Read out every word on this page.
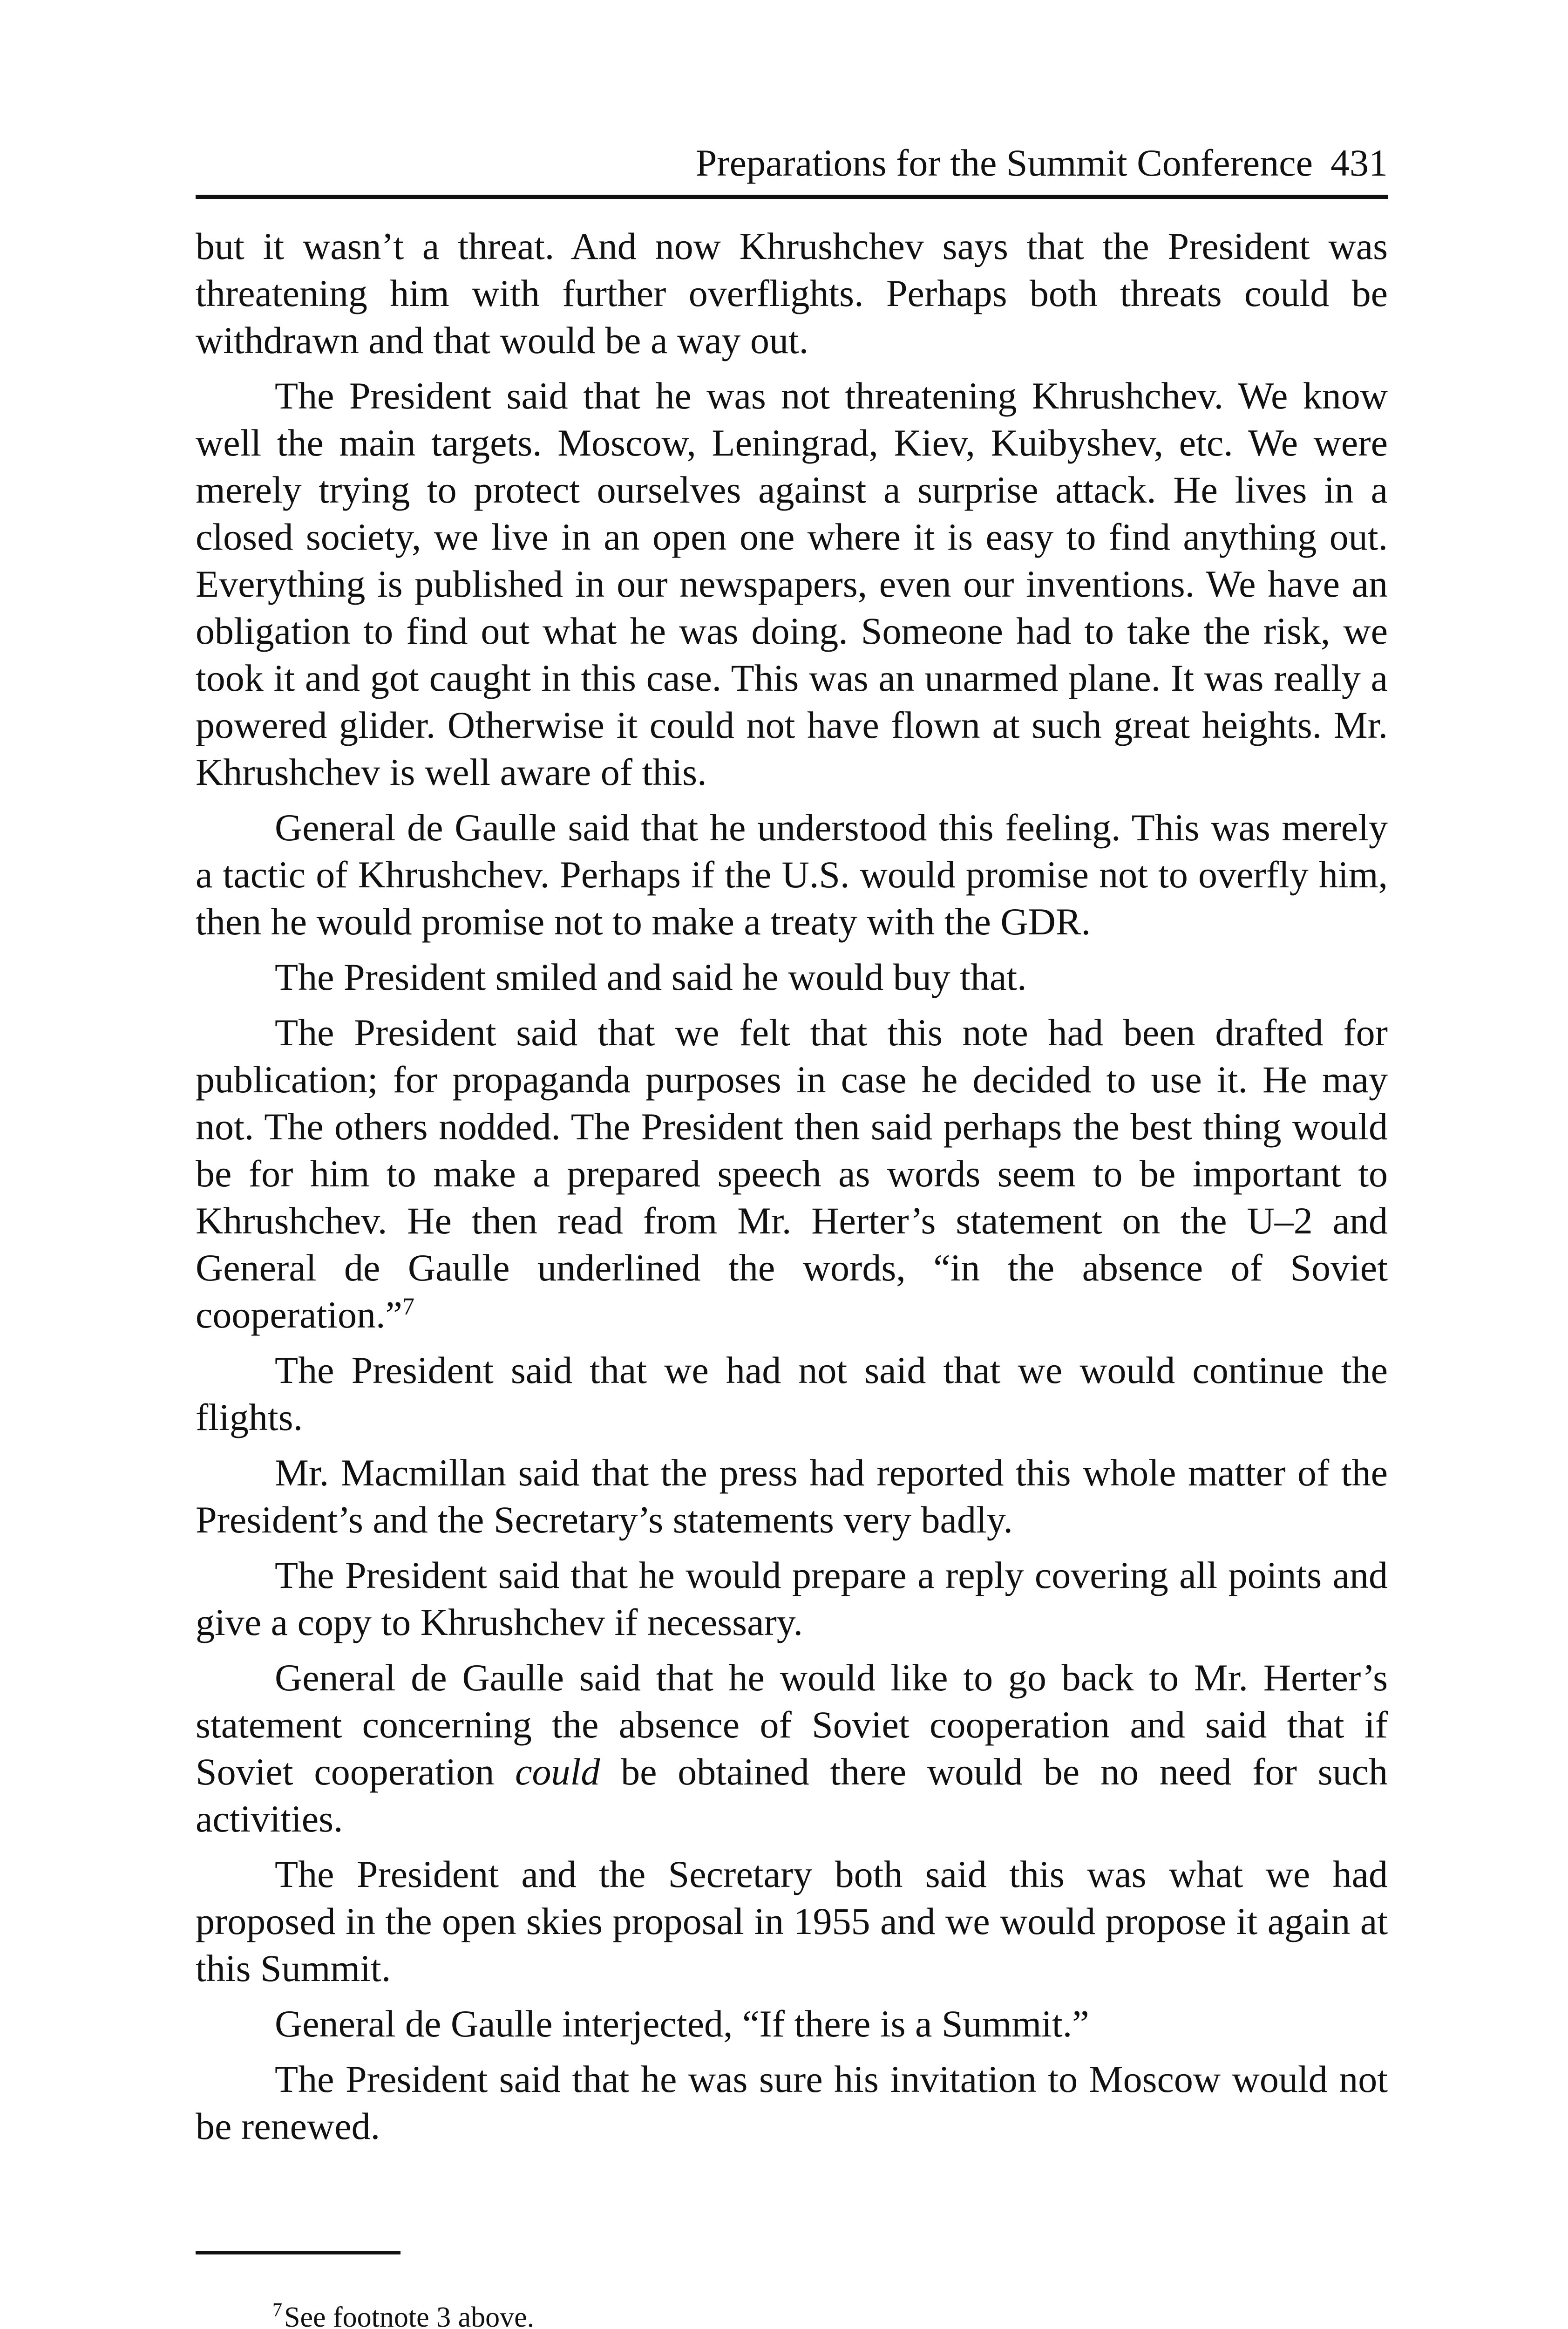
Preparations for the Summit Conference 431

but it wasn’t a threat. And now Khrushchev says that the President was threatening him with further overflights. Perhaps both threats could be withdrawn and that would be a way out.

The President said that he was not threatening Khrushchev. We know well the main targets. Moscow, Leningrad, Kiev, Kuibyshev, etc. We were merely trying to protect ourselves against a surprise attack. He lives in a closed society, we live in an open one where it is easy to find anything out. Everything is published in our newspapers, even our inventions. We have an obligation to find out what he was doing. Someone had to take the risk, we took it and got caught in this case. This was an unarmed plane. It was really a powered glider. Otherwise it could not have flown at such great heights. Mr. Khrushchev is well aware of this.

General de Gaulle said that he understood this feeling. This was merely a tactic of Khrushchev. Perhaps if the U.S. would promise not to overfly him, then he would promise not to make a treaty with the GDR.

The President smiled and said he would buy that.

The President said that we felt that this note had been drafted for publication; for propaganda purposes in case he decided to use it. He may not. The others nodded. The President then said perhaps the best thing would be for him to make a prepared speech as words seem to be important to Khrushchev. He then read from Mr. Herter’s statement on the U–2 and General de Gaulle underlined the words, “in the absence of Soviet cooperation.”$^7$

The President said that we had not said that we would continue the flights.

Mr. Macmillan said that the press had reported this whole matter of the President’s and the Secretary’s statements very badly.

The President said that he would prepare a reply covering all points and give a copy to Khrushchev if necessary.

General de Gaulle said that he would like to go back to Mr. Herter’s statement concerning the absence of Soviet cooperation and said that if Soviet cooperation could be obtained there would be no need for such activities.

The President and the Secretary both said this was what we had proposed in the open skies proposal in 1955 and we would propose it again at this Summit.

General de Gaulle interjected, “If there is a Summit.”

The President said that he was sure his invitation to Moscow would not be renewed.

$^7$See footnote 3 above.
